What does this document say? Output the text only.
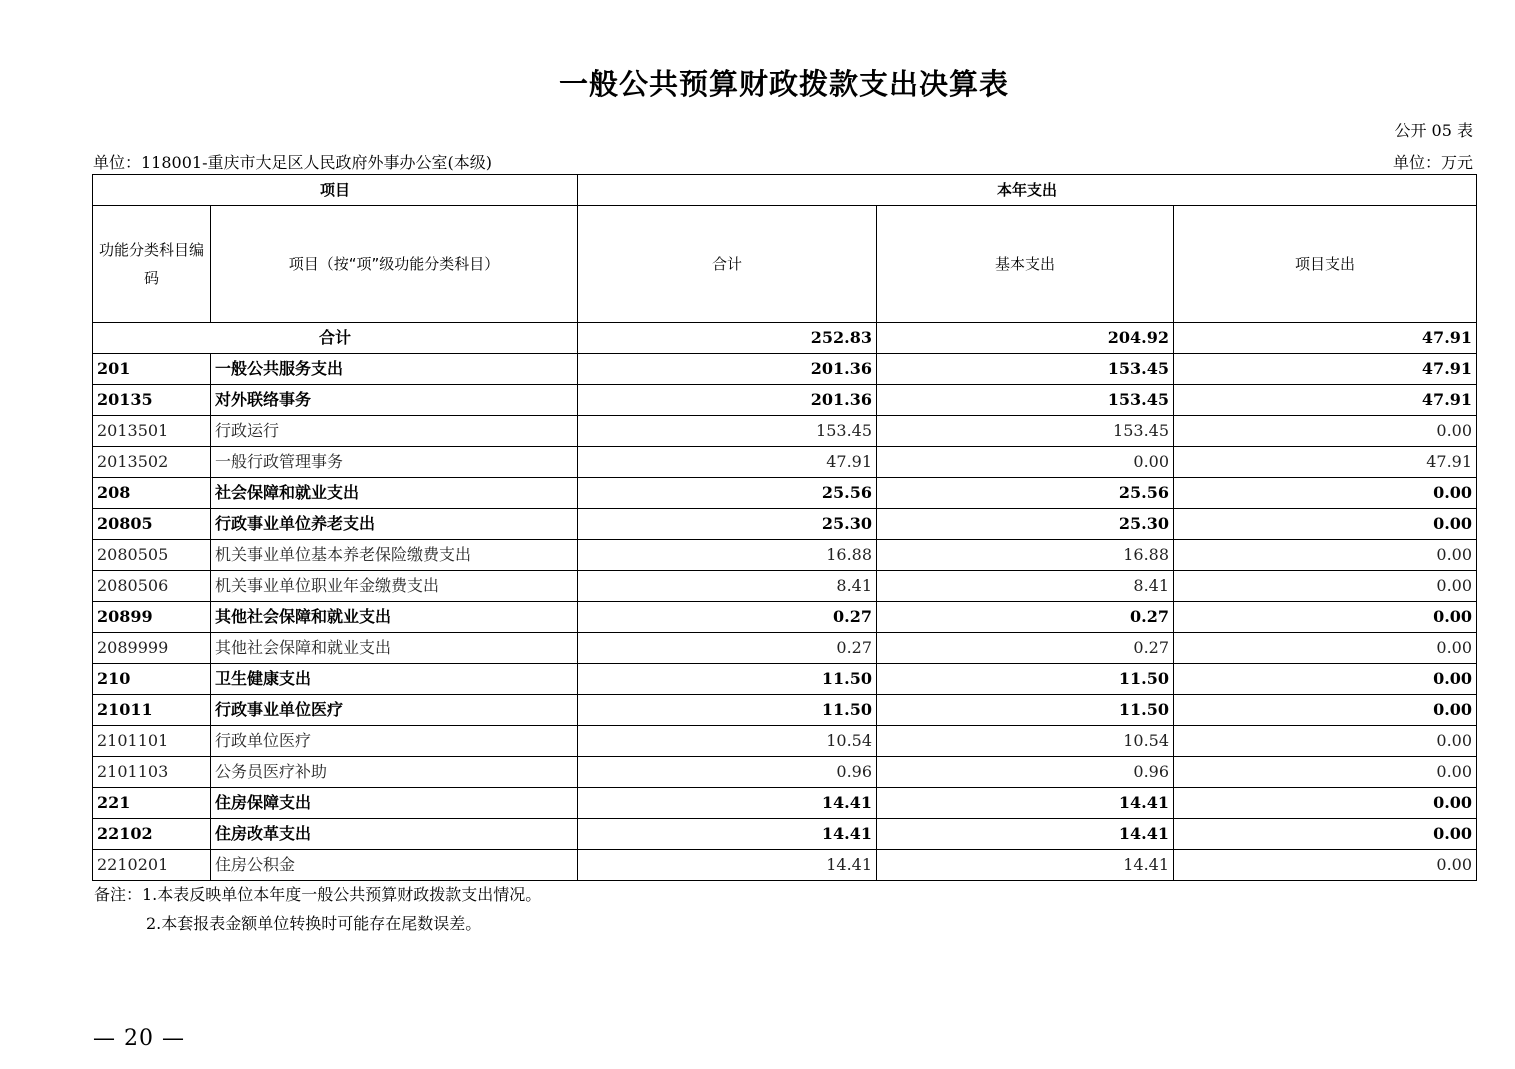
一般公共预算财政拨款支出决算表
公开 05 表
单位：118001-重庆市大足区人民政府外事办公室(本级)	单位：万元
项目		本年支出		
功能分类科目编码	项目（按“项”级功能分类科目）	合计	基本支出	项目支出
合计		252.83	204.92	47.91
201	一般公共服务支出	201.36	153.45	47.91
20135	对外联络事务	201.36	153.45	47.91
2013501	行政运行	153.45	153.45	0.00
2013502	一般行政管理事务	47.91	0.00	47.91
208	社会保障和就业支出	25.56	25.56	0.00
20805	行政事业单位养老支出	25.30	25.30	0.00
2080505	机关事业单位基本养老保险缴费支出	16.88	16.88	0.00
2080506	机关事业单位职业年金缴费支出	8.41	8.41	0.00
20899	其他社会保障和就业支出	0.27	0.27	0.00
2089999	其他社会保障和就业支出	0.27	0.27	0.00
210	卫生健康支出	11.50	11.50	0.00
21011	行政事业单位医疗	11.50	11.50	0.00
2101101	行政单位医疗	10.54	10.54	0.00
2101103	公务员医疗补助	0.96	0.96	0.00
221	住房保障支出	14.41	14.41	0.00
22102	住房改革支出	14.41	14.41	0.00
2210201	住房公积金	14.41	14.41	0.00
备注：1.本表反映单位本年度一般公共预算财政拨款支出情况。
2.本套报表金额单位转换时可能存在尾数误差。
— 20 —
